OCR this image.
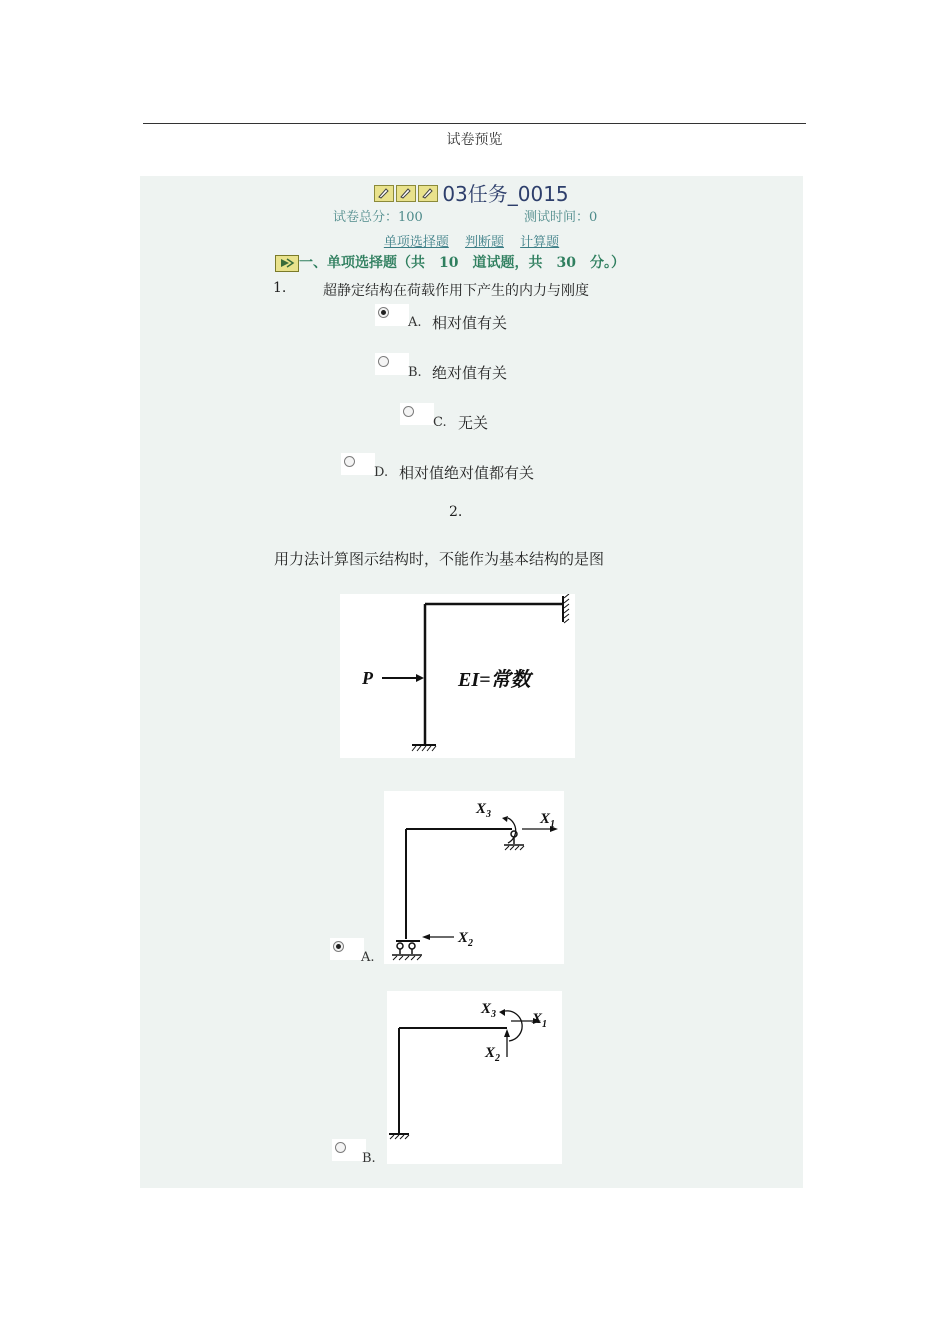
试卷预览
03任务_0015
试卷总分：100	测试时间：0
单项选择题 判断题 计算题
一、单项选择题（共　10　道试题，共　30　分。）
1.	超静定结构在荷载作用下产生的内力与刚度
A. 相对值有关
B. 绝对值有关
C. 无关
D. 相对值绝对值都有关
2.
用力法计算图示结构时，不能作为基本结构的是图
P	EI=常数
A.
$X_3$	$X_1$
$X_2$
B.
$X_3$ $X_1$
$X_2$
